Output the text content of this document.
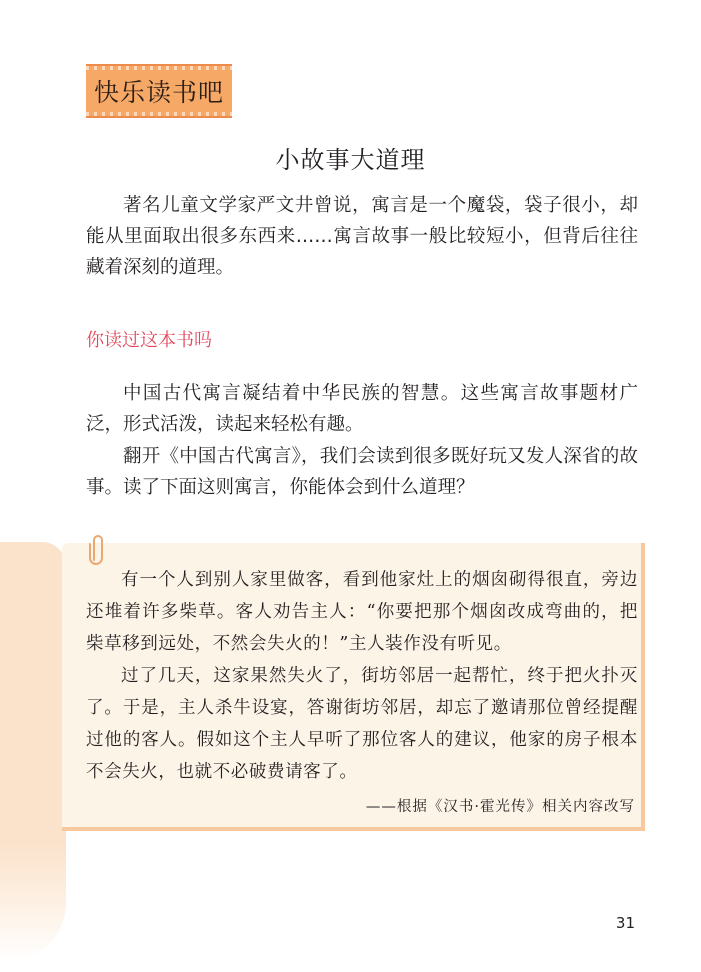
快乐读书吧
小故事大道理

著名儿童文学家严文井曾说，寓言是一个魔袋，袋子很小，却能从里面取出很多东西来……寓言故事一般比较短小，但背后往往藏着深刻的道理。

你读过这本书吗

中国古代寓言凝结着中华民族的智慧。这些寓言故事题材广泛，形式活泼，读起来轻松有趣。

翻开《中国古代寓言》，我们会读到很多既好玩又发人深省的故事。读了下面这则寓言，你能体会到什么道理？

有一个人到别人家里做客，看到他家灶上的烟囱砌得很直，旁边还堆着许多柴草。客人劝告主人：“你要把那个烟囱改成弯曲的，把柴草移到远处，不然会失火的！”主人装作没有听见。

过了几天，这家果然失火了，街坊邻居一起帮忙，终于把火扑灭了。于是，主人杀牛设宴，答谢街坊邻居，却忘了邀请那位曾经提醒过他的客人。假如这个主人早听了那位客人的建议，他家的房子根本不会失火，也就不必破费请客了。

——根据《汉书·霍光传》相关内容改写
31
